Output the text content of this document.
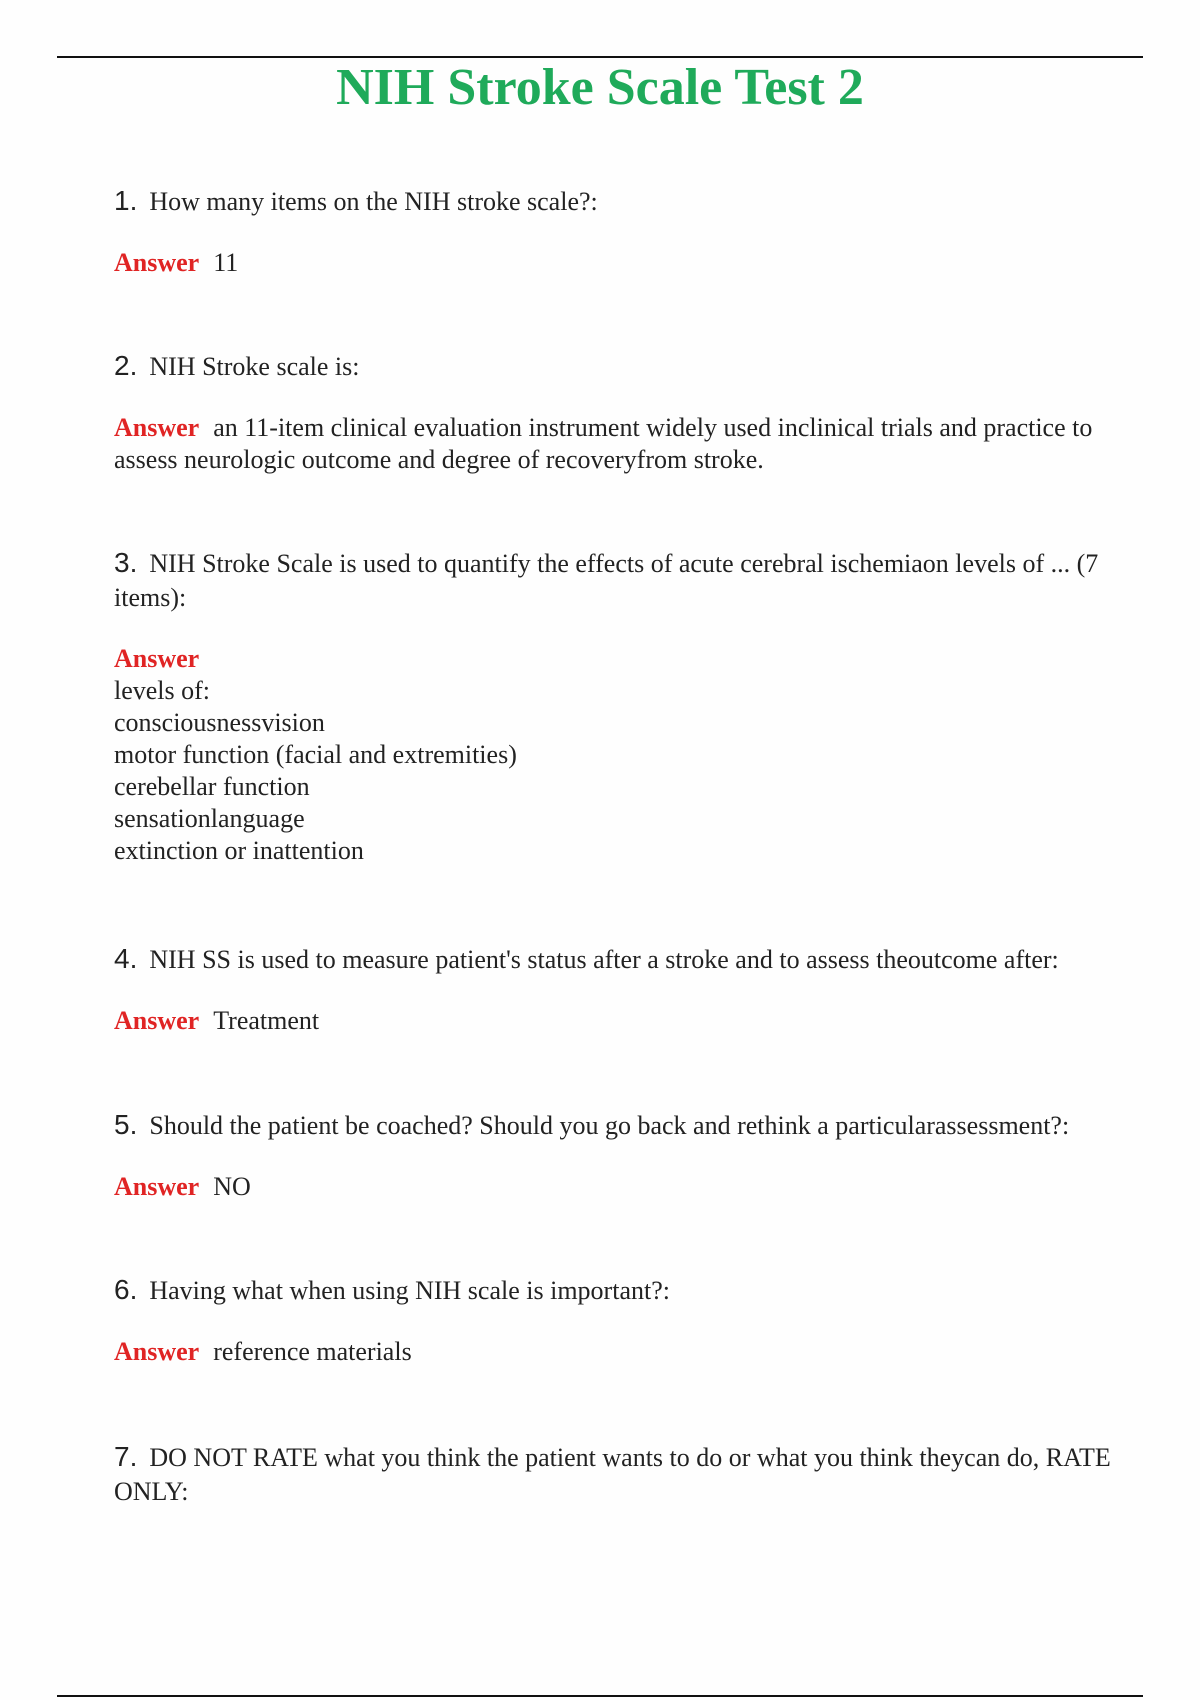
NIH Stroke Scale Test 2

1. How many items on the NIH stroke scale?:

Answer 11

2. NIH Stroke scale is:

Answer an 11-item clinical evaluation instrument widely used inclinical trials and practice to assess neurologic outcome and degree of recoveryfrom stroke.

3. NIH Stroke Scale is used to quantify the effects of acute cerebral ischemiaon levels of ... (7 items):

Answer
levels of:
consciousnessvision
motor function (facial and extremities)
cerebellar function
sensationlanguage
extinction or inattention

4. NIH SS is used to measure patient's status after a stroke and to assess theoutcome after:

Answer Treatment

5. Should the patient be coached? Should you go back and rethink a particularassessment?:

Answer NO

6. Having what when using NIH scale is important?:

Answer reference materials

7. DO NOT RATE what you think the patient wants to do or what you think theycan do, RATE ONLY:
